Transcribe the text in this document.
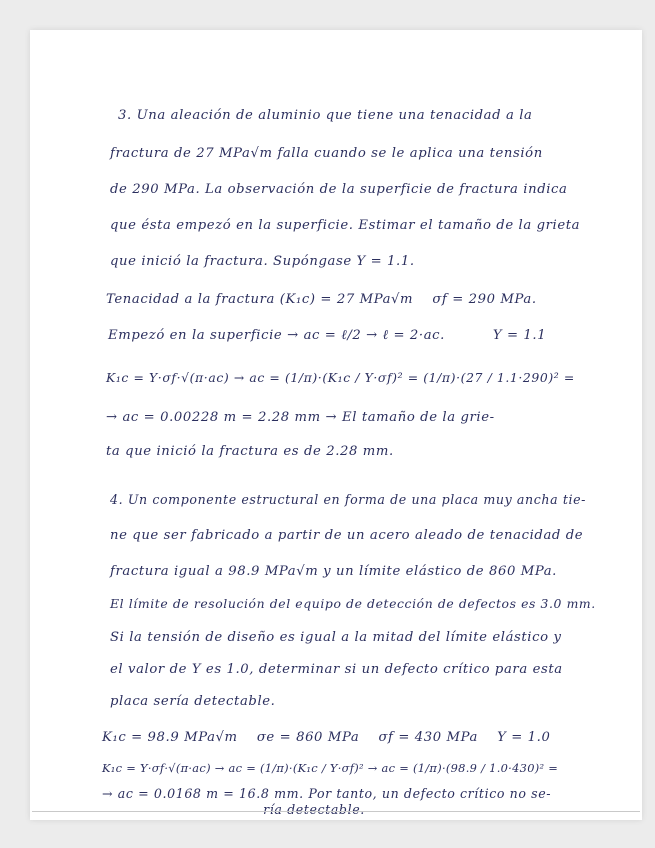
3. Una aleación de aluminio que tiene una tenacidad a la
fractura de 27 MPa√m falla cuando se le aplica una tensión
de 290 MPa. La observación de la superficie de fractura indica
que ésta empezó en la superficie. Estimar el tamaño de la grieta
que inició la fractura. Supóngase Y = 1.1.
Tenacidad a la fractura (K₁c) = 27 MPa√m    σf = 290 MPa.
Empezó en la superficie → ac = ℓ/2 → ℓ = 2·ac.          Y = 1.1
K₁c = Y·σf·√(π·ac) → ac = (1/π)·(K₁c / Y·σf)² = (1/π)·(27 / 1.1·290)² =
→ ac = 0.00228 m = 2.28 mm → El tamaño de la grie-
ta que inició la fractura es de 2.28 mm.
4. Un componente estructural en forma de una placa muy ancha tie-
ne que ser fabricado a partir de un acero aleado de tenacidad de
fractura igual a 98.9 MPa√m y un límite elástico de 860 MPa.
El límite de resolución del equipo de detección de defectos es 3.0 mm.
Si la tensión de diseño es igual a la mitad del límite elástico y
el valor de Y es 1.0, determinar si un defecto crítico para esta
placa sería detectable.
K₁c = 98.9 MPa√m    σe = 860 MPa    σf = 430 MPa    Y = 1.0
K₁c = Y·σf·√(π·ac) → ac = (1/π)·(K₁c / Y·σf)² → ac = (1/π)·(98.9 / 1.0·430)² =
→ ac = 0.0168 m = 16.8 mm. Por tanto, un defecto crítico no se-
ría detectable.
